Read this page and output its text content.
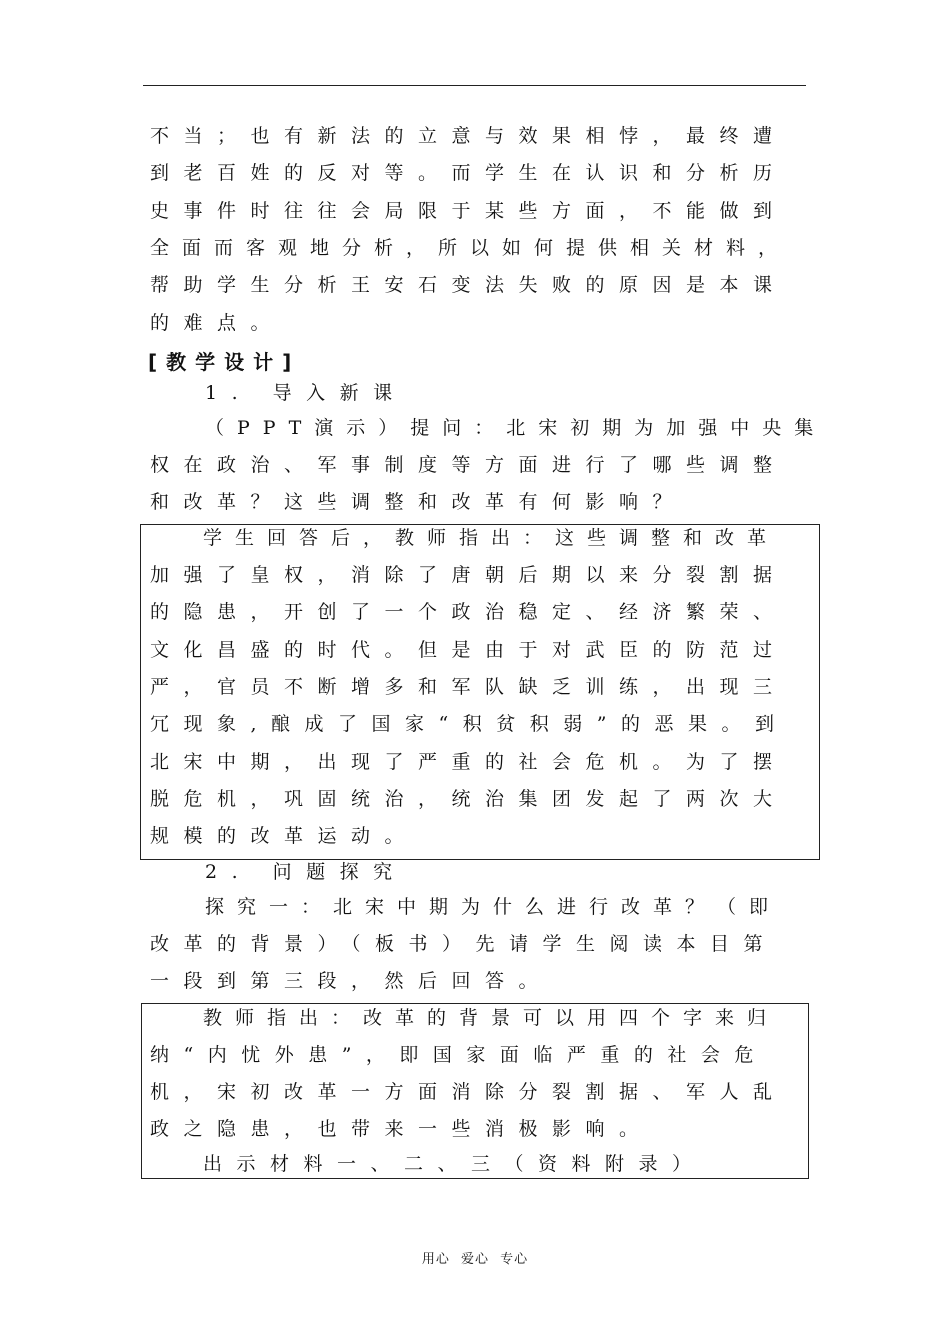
不当；也有新法的立意与效果相悖，最终遭
到老百姓的反对等。而学生在认识和分析历
史事件时往往会局限于某些方面，不能做到
全面而客观地分析，所以如何提供相关材料，
帮助学生分析王安石变法失败的原因是本课
的难点。
[教学设计]
1. 导入新课
（PPT演示）提问：北宋初期为加强中央集
权在政治、军事制度等方面进行了哪些调整
和改革？这些调整和改革有何影响？
学生回答后，教师指出：这些调整和改革
加强了皇权，消除了唐朝后期以来分裂割据
的隐患，开创了一个政治稳定、经济繁荣、
文化昌盛的时代。但是由于对武臣的防范过
严，官员不断增多和军队缺乏训练，出现三
冗现象,酿成了国家“积贫积弱”的恶果。到
北宋中期，出现了严重的社会危机。为了摆
脱危机，巩固统治，统治集团发起了两次大
规模的改革运动。
2. 问题探究
探究一：北宋中期为什么进行改革？（即
改革的背景）（板书）先请学生阅读本目第
一段到第三段，然后回答。
教师指出：改革的背景可以用四个字来归
纳“内忧外患”，即国家面临严重的社会危
机，宋初改革一方面消除分裂割据、军人乱
政之隐患，也带来一些消极影响。
出示材料一、二、三（资料附录）
用心 爱心 专心
